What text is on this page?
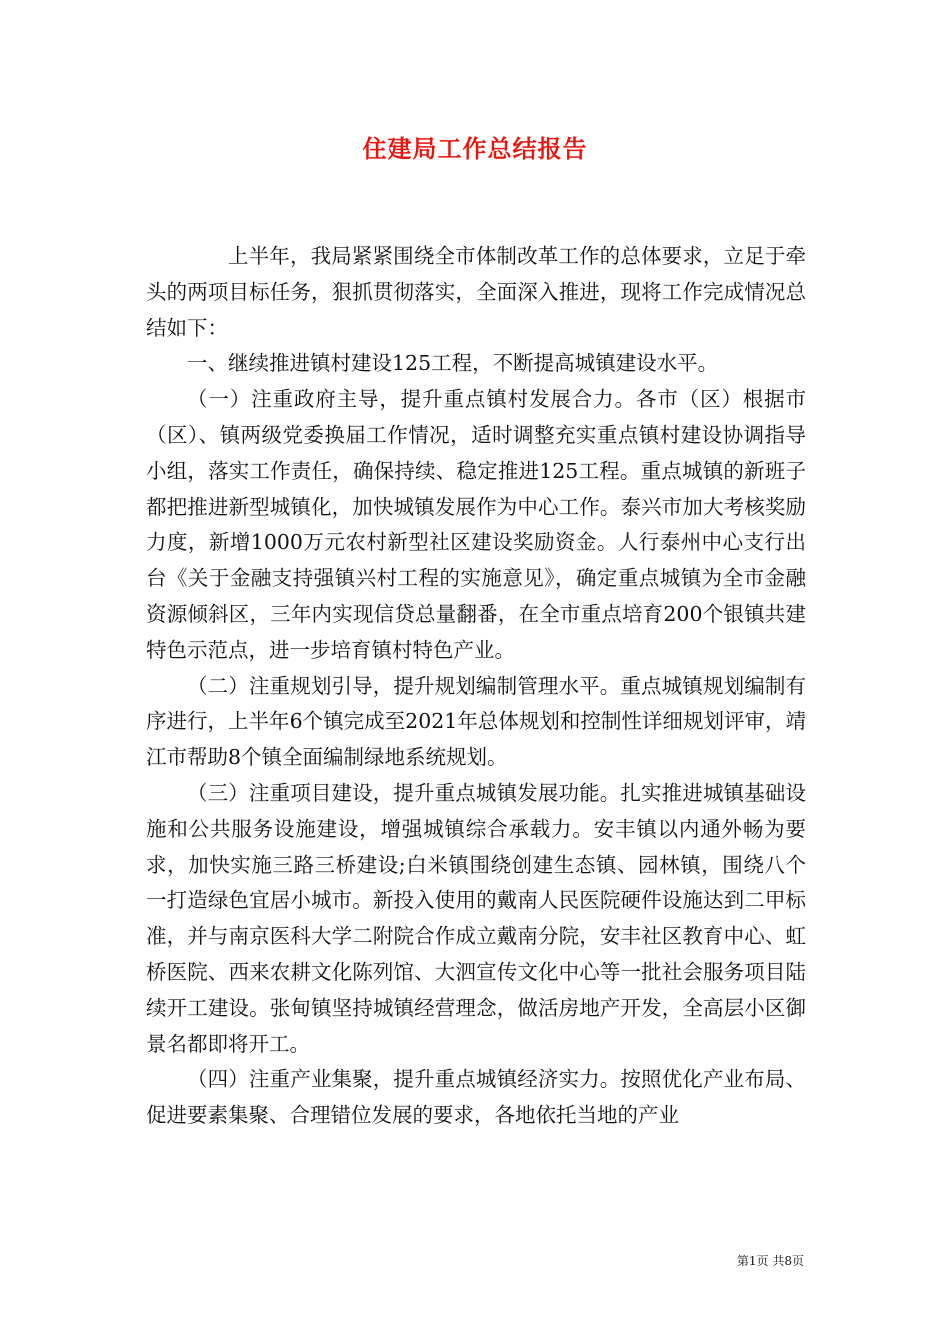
住建局工作总结报告

上半年，我局紧紧围绕全市体制改革工作的总体要求，立足于牵头的两项目标任务，狠抓贯彻落实，全面深入推进，现将工作完成情况总结如下：

一、继续推进镇村建设125工程，不断提高城镇建设水平。

（一）注重政府主导，提升重点镇村发展合力。各市（区）根据市（区）、镇两级党委换届工作情况，适时调整充实重点镇村建设协调指导小组，落实工作责任，确保持续、稳定推进125工程。重点城镇的新班子都把推进新型城镇化，加快城镇发展作为中心工作。泰兴市加大考核奖励力度，新增1000万元农村新型社区建设奖励资金。人行泰州中心支行出台《关于金融支持强镇兴村工程的实施意见》，确定重点城镇为全市金融资源倾斜区，三年内实现信贷总量翻番，在全市重点培育200个银镇共建特色示范点，进一步培育镇村特色产业。

（二）注重规划引导，提升规划编制管理水平。重点城镇规划编制有序进行，上半年6个镇完成至2021年总体规划和控制性详细规划评审，靖江市帮助8个镇全面编制绿地系统规划。

（三）注重项目建设，提升重点城镇发展功能。扎实推进城镇基础设施和公共服务设施建设，增强城镇综合承载力。安丰镇以内通外畅为要求，加快实施三路三桥建设;白米镇围绕创建生态镇、园林镇，围绕八个一打造绿色宜居小城市。新投入使用的戴南人民医院硬件设施达到二甲标准，并与南京医科大学二附院合作成立戴南分院，安丰社区教育中心、虹桥医院、西来农耕文化陈列馆、大泗宣传文化中心等一批社会服务项目陆续开工建设。张甸镇坚持城镇经营理念，做活房地产开发，全高层小区御景名都即将开工。

（四）注重产业集聚，提升重点城镇经济实力。按照优化产业布局、促进要素集聚、合理错位发展的要求，各地依托当地的产业

第1页 共8页
